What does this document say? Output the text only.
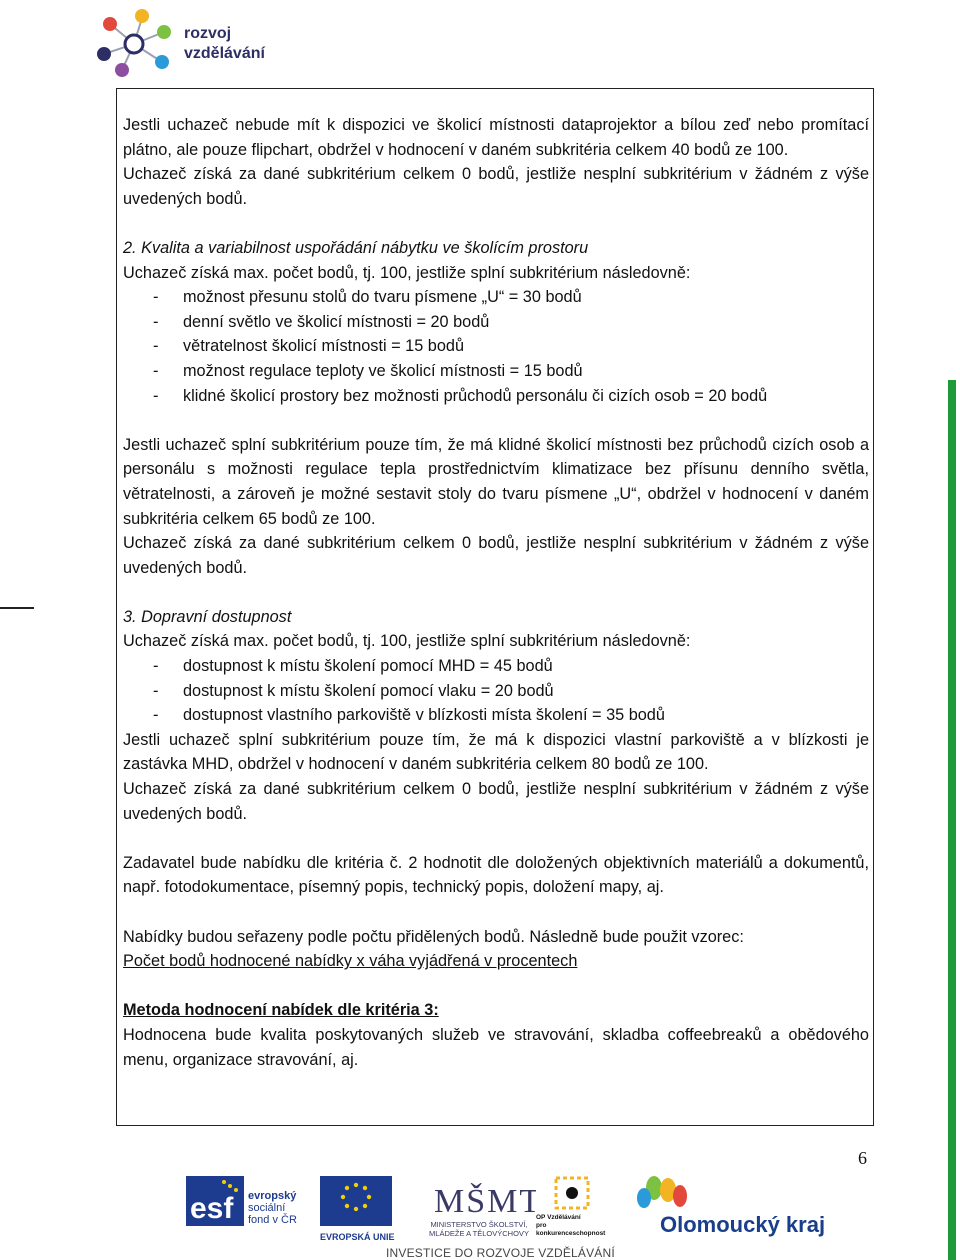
rozvoj
vzdělávání

Jestli uchazeč nebude mít k dispozici ve školicí místnosti dataprojektor a bílou zeď nebo promítací plátno, ale pouze flipchart, obdržel v hodnocení v daném subkritéria celkem 40 bodů ze 100.

Uchazeč získá za dané subkritérium celkem 0 bodů, jestliže nesplní subkritérium v žádném z výše uvedených bodů.

2. Kvalita a variabilnost uspořádání nábytku ve školícím prostoru

Uchazeč získá max. počet bodů, tj. 100, jestliže splní subkritérium následovně:

- možnost přesunu stolů do tvaru písmene „U“ = 30 bodů
- denní světlo ve školicí místnosti = 20 bodů
- větratelnost školicí místnosti = 15 bodů
- možnost regulace teploty ve školicí místnosti = 15 bodů
- klidné školicí prostory bez možnosti průchodů personálu či cizích osob = 20 bodů

Jestli uchazeč splní subkritérium pouze tím, že má klidné školicí místnosti bez průchodů cizích osob a personálu s možnosti regulace tepla prostřednictvím klimatizace bez přísunu denního světla, větratelnosti, a zároveň je možné sestavit stoly do tvaru písmene „U“, obdržel v hodnocení v daném subkritéria celkem 65 bodů ze 100.

Uchazeč získá za dané subkritérium celkem 0 bodů, jestliže nesplní subkritérium v žádném z výše uvedených bodů.

3. Dopravní dostupnost

Uchazeč získá max. počet bodů, tj. 100, jestliže splní subkritérium následovně:

- dostupnost k místu školení pomocí MHD = 45 bodů
- dostupnost k místu školení pomocí vlaku = 20 bodů
- dostupnost vlastního parkoviště v blízkosti místa školení = 35 bodů

Jestli uchazeč splní subkritérium pouze tím, že má k dispozici vlastní parkoviště a v blízkosti je zastávka MHD, obdržel v hodnocení v daném subkritéria celkem 80 bodů ze 100.

Uchazeč získá za dané subkritérium celkem 0 bodů, jestliže nesplní subkritérium v žádném z výše uvedených bodů.

Zadavatel bude nabídku dle kritéria č. 2 hodnotit dle doložených objektivních materiálů a dokumentů, např. fotodokumentace, písemný popis, technický popis, doložení mapy, aj.

Nabídky budou seřazeny podle počtu přidělených bodů. Následně bude použit vzorec:

Počet bodů hodnocené nabídky x váha vyjádřená v procentech

Metoda hodnocení nabídek dle kritéria 3:

Hodnocena bude kvalita poskytovaných služeb ve stravování, skladba coffeebreaků a obědového menu, organizace stravování, aj.

6
esf evropský
sociální
fond v ČR
EVROPSKÁ UNIE
MŠMT
MINISTERSTVO ŠKOLSTVÍ,
MLÁDEŽE A TĚLOVÝCHOVY
OP Vzdělávání
pro konkurenceschopnost	Olomoucký kraj
INVESTICE DO ROZVOJE VZDĚLÁVÁNÍ
